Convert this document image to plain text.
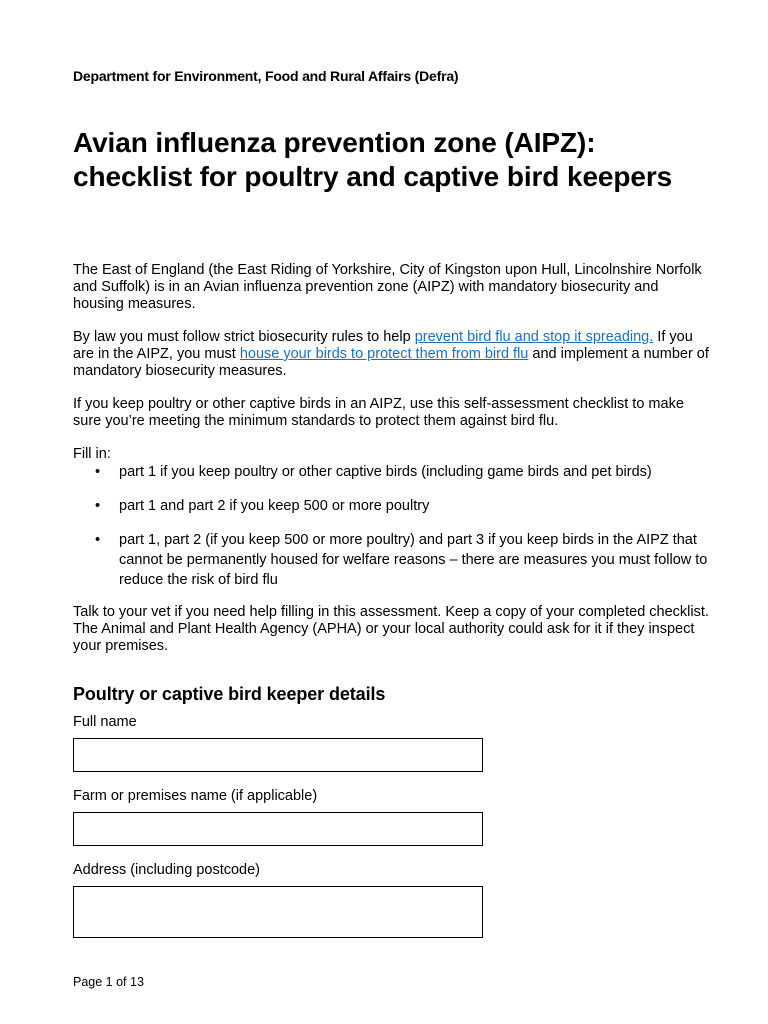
Department for Environment, Food and Rural Affairs (Defra)
Avian influenza prevention zone (AIPZ): checklist for poultry and captive bird keepers

The East of England (the East Riding of Yorkshire, City of Kingston upon Hull, Lincolnshire Norfolk and Suffolk) is in an Avian influenza prevention zone (AIPZ) with mandatory biosecurity and housing measures.

By law you must follow strict biosecurity rules to help prevent bird flu and stop it spreading. If you are in the AIPZ, you must house your birds to protect them from bird flu and implement a number of mandatory biosecurity measures.

If you keep poultry or other captive birds in an AIPZ, use this self-assessment checklist to make sure you’re meeting the minimum standards to protect them against bird flu.

Fill in:

• part 1 if you keep poultry or other captive birds (including game birds and pet birds)
• part 1 and part 2 if you keep 500 or more poultry
• part 1, part 2 (if you keep 500 or more poultry) and part 3 if you keep birds in the AIPZ that cannot be permanently housed for welfare reasons – there are measures you must follow to reduce the risk of bird flu

Talk to your vet if you need help filling in this assessment. Keep a copy of your completed checklist. The Animal and Plant Health Agency (APHA) or your local authority could ask for it if they inspect your premises.

Poultry or captive bird keeper details
Full name
Farm or premises name (if applicable)
Address (including postcode)
Page 1 of 13
